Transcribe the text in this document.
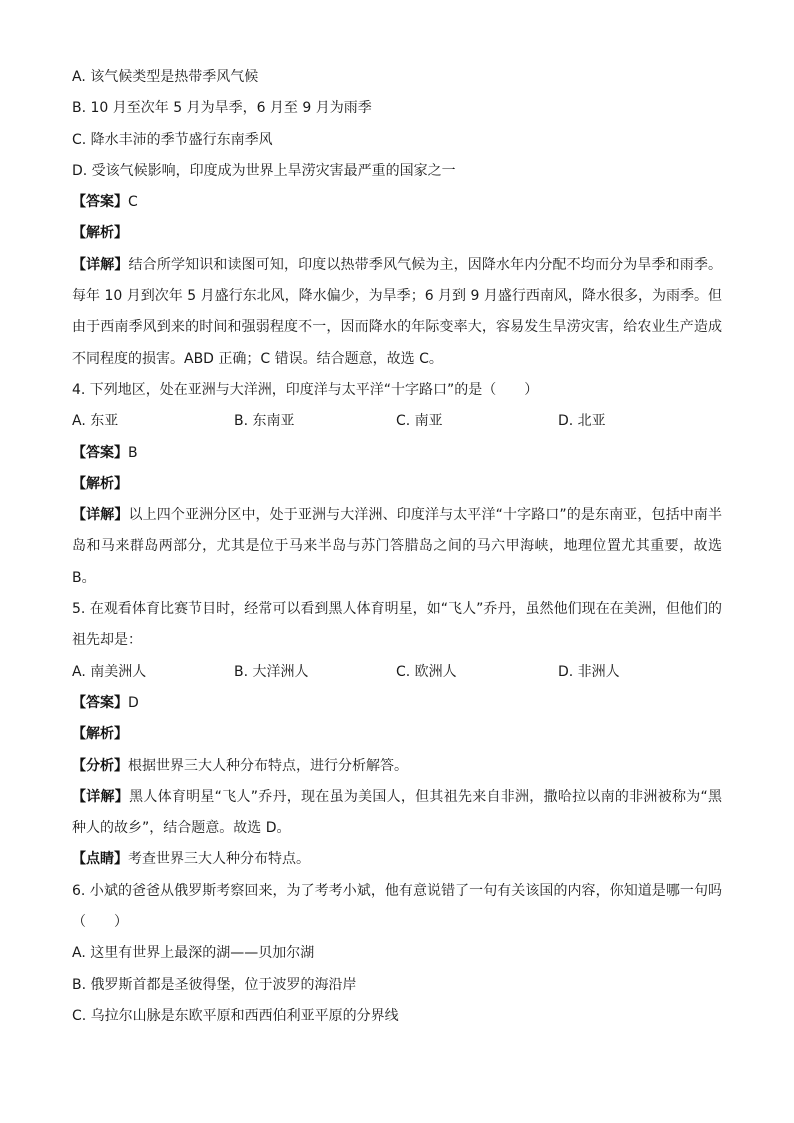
A. 该气候类型是热带季风气候
B. 10 月至次年 5 月为旱季，6 月至 9 月为雨季
C. 降水丰沛的季节盛行东南季风
D. 受该气候影响，印度成为世界上旱涝灾害最严重的国家之一
【答案】C
【解析】
【详解】结合所学知识和读图可知，印度以热带季风气候为主，因降水年内分配不均而分为旱季和雨季。每年 10 月到次年 5 月盛行东北风，降水偏少，为旱季；6 月到 9 月盛行西南风，降水很多，为雨季。但由于西南季风到来的时间和强弱程度不一，因而降水的年际变率大，容易发生旱涝灾害，给农业生产造成不同程度的损害。ABD 正确；C 错误。结合题意，故选 C。
4. 下列地区，处在亚洲与大洋洲，印度洋与太平洋“十字路口”的是（　　）
A. 东亚	B. 东南亚	C. 南亚	D. 北亚
【答案】B
【解析】
【详解】以上四个亚洲分区中，处于亚洲与大洋洲、印度洋与太平洋“十字路口”的是东南亚，包括中南半岛和马来群岛两部分，尤其是位于马来半岛与苏门答腊岛之间的马六甲海峡，地理位置尤其重要，故选 B。
5. 在观看体育比赛节目时，经常可以看到黑人体育明星，如“飞人”乔丹，虽然他们现在在美洲，但他们的祖先却是：
A. 南美洲人	B. 大洋洲人	C. 欧洲人	D. 非洲人
【答案】D
【解析】
【分析】根据世界三大人种分布特点，进行分析解答。
【详解】黑人体育明星“飞人”乔丹，现在虽为美国人，但其祖先来自非洲，撒哈拉以南的非洲被称为“黑种人的故乡”，结合题意。故选 D。
【点睛】考查世界三大人种分布特点。
6. 小斌的爸爸从俄罗斯考察回来，为了考考小斌，他有意说错了一句有关该国的内容，你知道是哪一句吗（　　）
A. 这里有世界上最深的湖——贝加尔湖
B. 俄罗斯首都是圣彼得堡，位于波罗的海沿岸
C. 乌拉尔山脉是东欧平原和西西伯利亚平原的分界线
